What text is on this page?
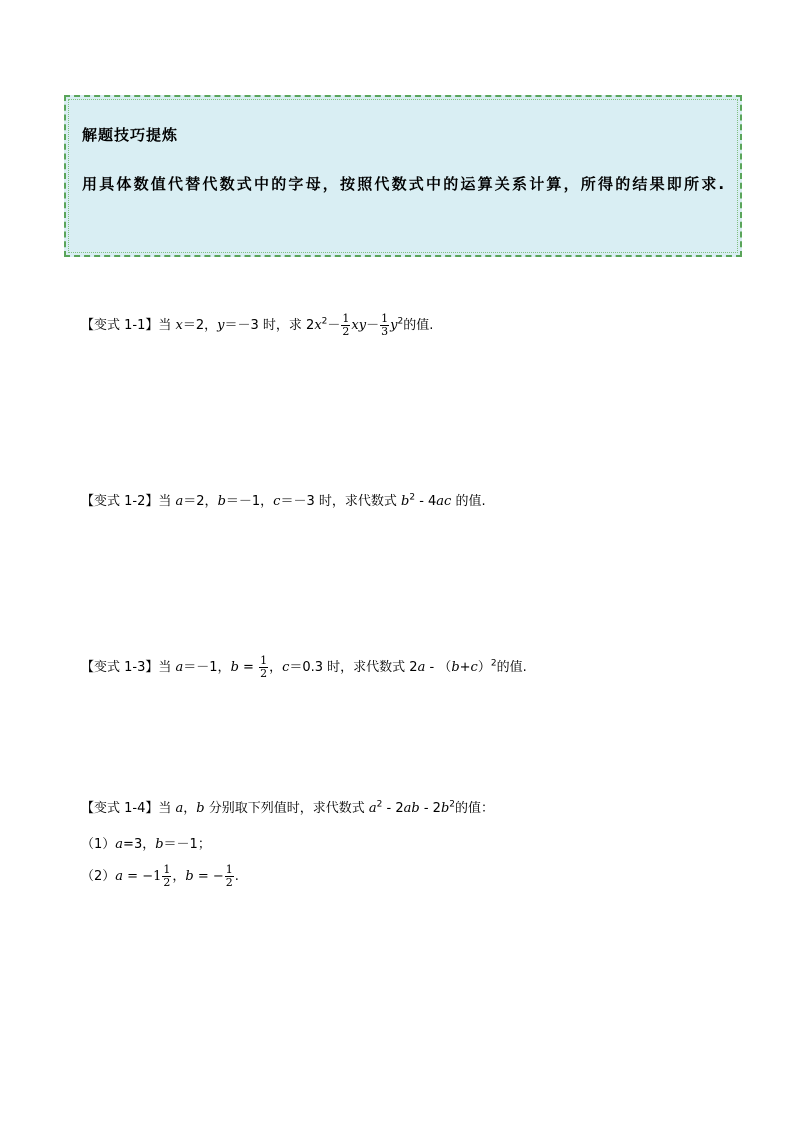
解题技巧提炼
用具体数值代替代数式中的字母，按照代数式中的运算关系计算，所得的结果即所求.
【变式 1-1】当 x＝2，y＝－3 时，求 $2x^2- \frac{1}{2} xy- \frac{1}{3} y^2$的值.
【变式 1-2】当 a＝2，b＝－1，c＝－3 时，求代数式 $b^2 - 4ac$ 的值.
【变式 1-3】当 a＝－1，$b = \frac{1}{2}$ ，c＝0.3 时，求代数式 $2a - (b+c)^2$的值.
【变式 1-4】当 a，b 分别取下列值时，求代数式 $a^2 - 2ab - 2b^2$的值：
（1）a=3，b＝－1；
$(2)a = -1 \frac{1}{2}$ ，b = − $\frac{1}{2}$ .
